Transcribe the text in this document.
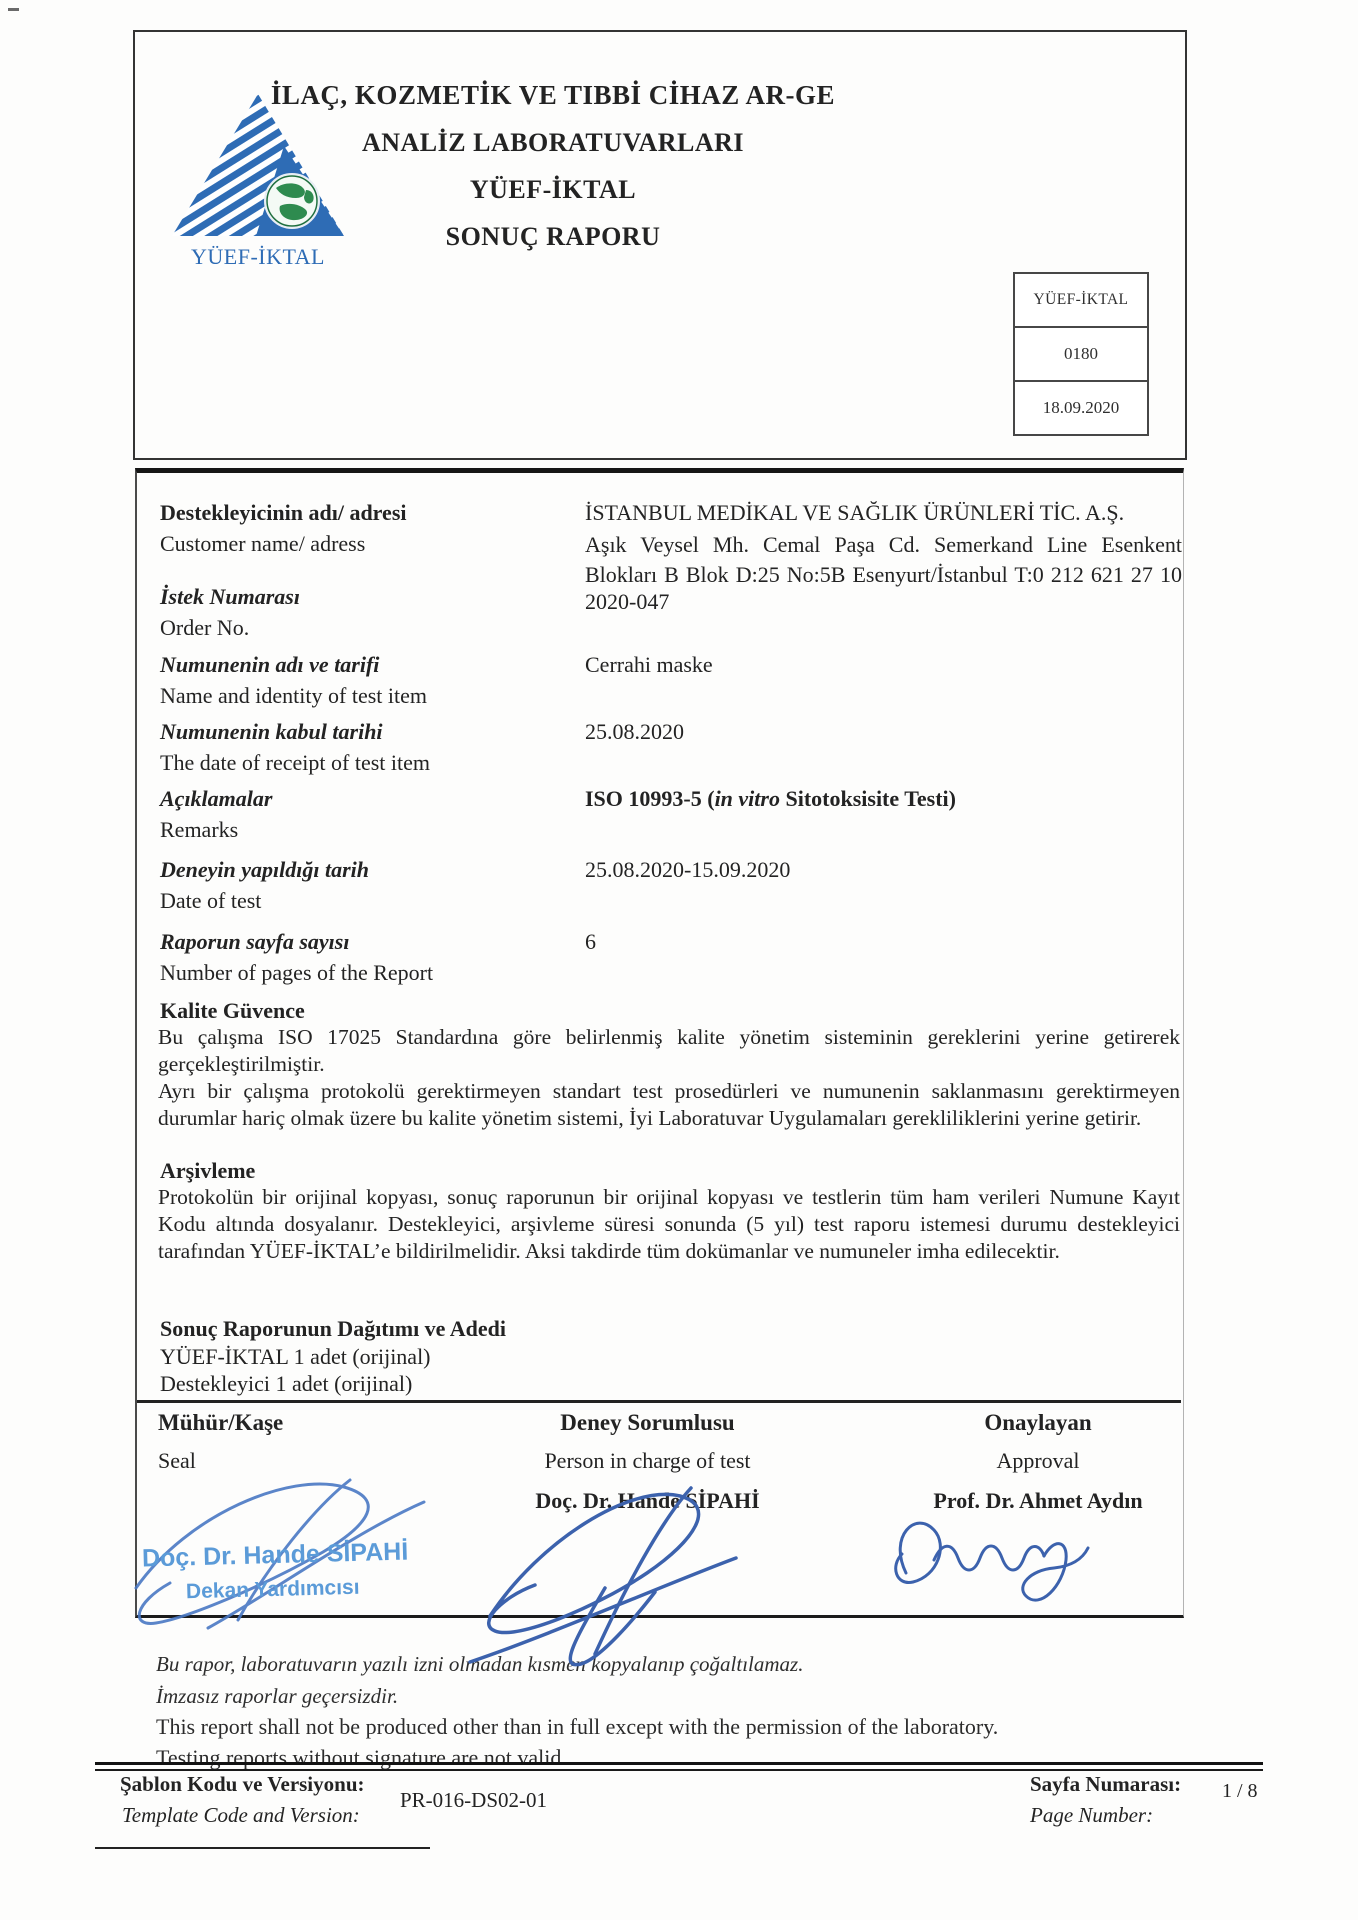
YÜEF-İKTAL
İLAÇ, KOZMETİK VE TIBBİ CİHAZ AR-GE
ANALİZ LABORATUVARLARI
YÜEF-İKTAL
SONUÇ RAPORU
YÜEF-İKTAL
0180
18.09.2020
Destekleyicinin adı/ adresi
Customer name/ adress
İSTANBUL MEDİKAL VE SAĞLIK ÜRÜNLERİ TİC. A.Ş.
Aşık Veysel Mh. Cemal Paşa Cd. Semerkand Line Esenkent
Blokları B Blok D:25 No:5B Esenyurt/İstanbul T:0 212 621 27 10
İstek Numarası
Order No.
2020-047
Numunenin adı ve tarifi
Name and identity of test item
Cerrahi maske
Numunenin kabul tarihi
The date of receipt of test item
25.08.2020
Açıklamalar
Remarks
ISO 10993-5 (in vitro Sitotoksisite Testi)
Deneyin yapıldığı tarih
Date of test
25.08.2020-15.09.2020
Raporun sayfa sayısı
Number of pages of the Report
6
Kalite Güvence
Bu çalışma ISO 17025 Standardına göre belirlenmiş kalite yönetim sisteminin gereklerini yerine getirerek gerçekleştirilmiştir.
Ayrı bir çalışma protokolü gerektirmeyen standart test prosedürleri ve numunenin saklanmasını gerektirmeyen durumlar hariç olmak üzere bu kalite yönetim sistemi, İyi Laboratuvar Uygulamaları gerekliliklerini yerine getirir.
Arşivleme
Protokolün bir orijinal kopyası, sonuç raporunun bir orijinal kopyası ve testlerin tüm ham verileri Numune Kayıt Kodu altında dosyalanır. Destekleyici, arşivleme süresi sonunda (5 yıl) test raporu istemesi durumu destekleyici tarafından YÜEF-İKTAL’e bildirilmelidir. Aksi takdirde tüm dokümanlar ve numuneler imha edilecektir.
Sonuç Raporunun Dağıtımı ve Adedi
YÜEF-İKTAL 1 adet (orijinal)
Destekleyici 1 adet (orijinal)
Mühür/Kaşe
Seal
Deney Sorumlusu
Person in charge of test
Doç. Dr. Hande SİPAHİ
Onaylayan
Approval
Prof. Dr. Ahmet Aydın
Doç. Dr. Hande SİPAHİ
Dekan Yardımcısı
Bu rapor, laboratuvarın yazılı izni olmadan kısmen kopyalanıp çoğaltılamaz.
İmzasız raporlar geçersizdir.
This report shall not be produced other than in full except with the permission of the laboratory.
Testing reports without signature are not valid.
Şablon Kodu ve Versiyonu:
Template Code and Version:
PR-016-DS02-01
Sayfa Numarası:
Page Number:
1 / 8
